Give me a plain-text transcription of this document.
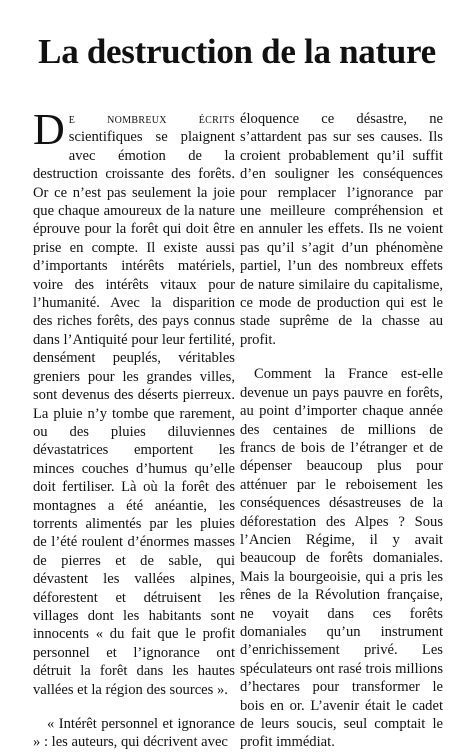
La destruction de la nature

De nombreux écrits scientifiques se plaignent avec émotion de la destruction croissante des forêts. Or ce n’est pas seulement la joie que chaque amoureux de la nature éprouve pour la forêt qui doit être prise en compte. Il existe aussi d’importants intérêts matériels, voire des intérêts vitaux pour l’humanité. Avec la disparition des riches forêts, des pays connus dans l’Antiquité pour leur fertilité, densément peuplés, véritables greniers pour les grandes villes, sont devenus des déserts pierreux. La pluie n’y tombe que rarement, ou des pluies diluviennes dévastatrices emportent les minces couches d’humus qu’elle doit fertiliser. Là où la forêt des montagnes a été anéantie, les torrents alimentés par les pluies de l’été roulent d’énormes masses de pierres et de sable, qui dévastent les vallées alpines, déforestent et détruisent les villages dont les habitants sont innocents « du fait que le profit personnel et l’ignorance ont détruit la forêt dans les hautes vallées et la région des sources ».

« Intérêt personnel et ignorance » : les auteurs, qui décrivent avec

éloquence ce désastre, ne s’attardent pas sur ses causes. Ils croient probablement qu’il suffit d’en souligner les conséquences pour remplacer l’ignorance par une meilleure compréhension et en annuler les effets. Ils ne voient pas qu’il s’agit d’un phénomène partiel, l’un des nombreux effets de nature similaire du capitalisme, ce mode de production qui est le stade suprême de la chasse au profit.

Comment la France est-elle devenue un pays pauvre en forêts, au point d’importer chaque année des centaines de millions de francs de bois de l’étranger et de dépenser beaucoup plus pour atténuer par le reboisement les conséquences désastreuses de la déforestation des Alpes ? Sous l’Ancien Régime, il y avait beaucoup de forêts domaniales. Mais la bourgeoisie, qui a pris les rênes de la Révolution française, ne voyait dans ces forêts domaniales qu’un instrument d’enrichissement privé. Les spéculateurs ont rasé trois millions d’hectares pour transformer le bois en or. L’avenir était le cadet de leurs soucis, seul comptait le profit immédiat.
